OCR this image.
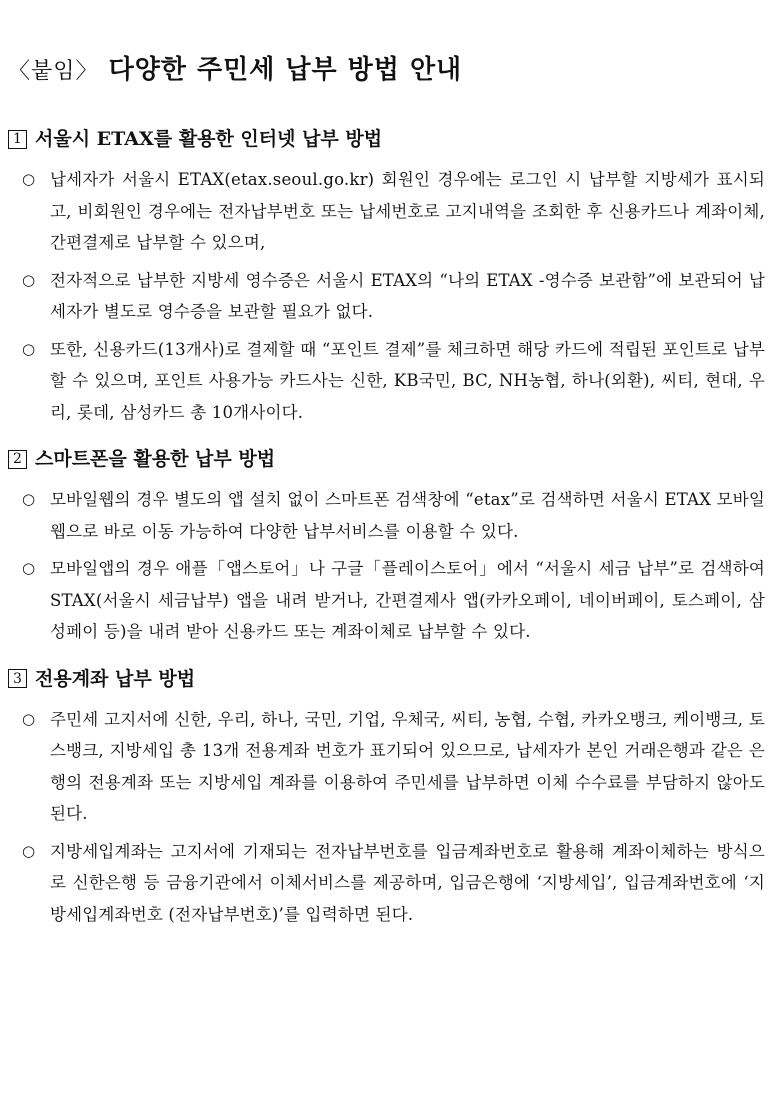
〈붙임〉 다양한 주민세 납부 방법 안내
1 서울시 ETAX를 활용한 인터넷 납부 방법
○ 납세자가 서울시 ETAX(etax.seoul.go.kr) 회원인 경우에는 로그인 시 납부할 지방세가 표시되고, 비회원인 경우에는 전자납부번호 또는 납세번호로 고지내역을 조회한 후 신용카드나 계좌이체, 간편결제로 납부할 수 있으며,
○ 전자적으로 납부한 지방세 영수증은 서울시 ETAX의 “나의 ETAX -영수증 보관함”에 보관되어 납세자가 별도로 영수증을 보관할 필요가 없다.
○ 또한, 신용카드(13개사)로 결제할 때 “포인트 결제”를 체크하면 해당 카드에 적립된 포인트로 납부할 수 있으며, 포인트 사용가능 카드사는 신한, KB국민, BC, NH농협, 하나(외환), 씨티, 현대, 우리, 롯데, 삼성카드 총 10개사이다.
2 스마트폰을 활용한 납부 방법
○ 모바일웹의 경우 별도의 앱 설치 없이 스마트폰 검색창에 “etax”로 검색하면 서울시 ETAX 모바일웹으로 바로 이동 가능하여 다양한 납부서비스를 이용할 수 있다.
○ 모바일앱의 경우 애플「앱스토어」나 구글「플레이스토어」에서 “서울시 세금 납부”로 검색하여 STAX(서울시 세금납부) 앱을 내려 받거나, 간편결제사 앱(카카오페이, 네이버페이, 토스페이, 삼성페이 등)을 내려 받아 신용카드 또는 계좌이체로 납부할 수 있다.
3 전용계좌 납부 방법
○ 주민세 고지서에 신한, 우리, 하나, 국민, 기업, 우체국, 씨티, 농협, 수협, 카카오뱅크, 케이뱅크, 토스뱅크, 지방세입 총 13개 전용계좌 번호가 표기되어 있으므로, 납세자가 본인 거래은행과 같은 은행의 전용계좌 또는 지방세입 계좌를 이용하여 주민세를 납부하면 이체 수수료를 부담하지 않아도 된다.
○ 지방세입계좌는 고지서에 기재되는 전자납부번호를 입금계좌번호로 활용해 계좌이체하는 방식으로 신한은행 등 금융기관에서 이체서비스를 제공하며, 입금은행에 ‘지방세입’, 입금계좌번호에 ‘지방세입계좌번호 (전자납부번호)’를 입력하면 된다.
